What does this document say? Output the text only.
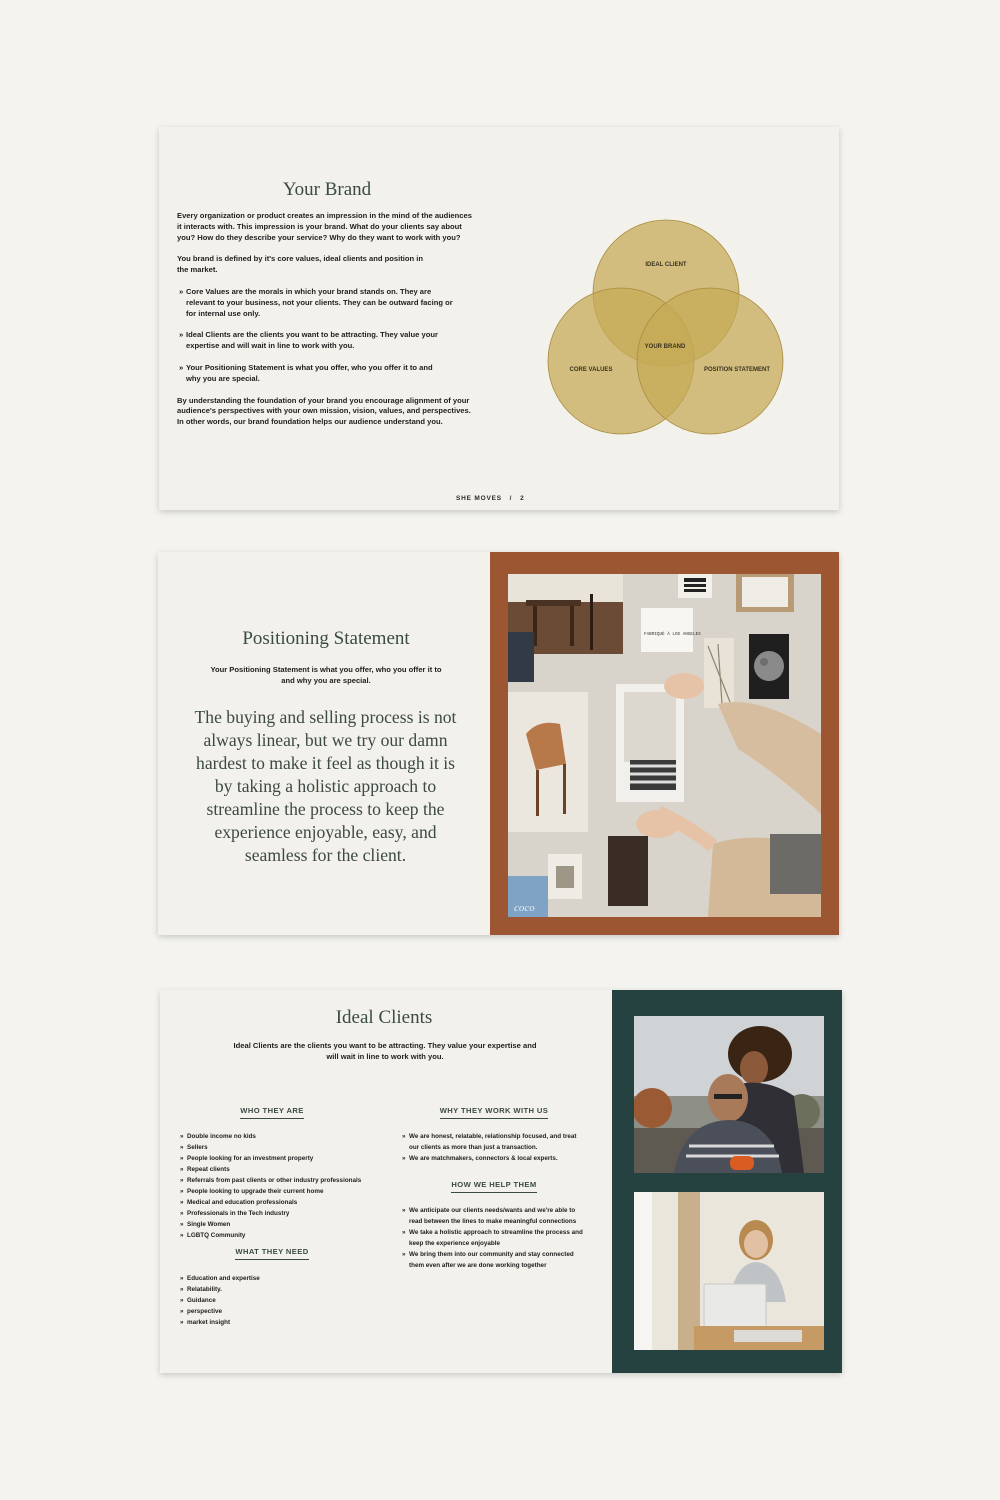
Your Brand

Every organization or product creates an impression in the mind of the audiences it interacts with. This impression is your brand. What do your clients say about you? How do they describe your service? Why do they want to work with you?

You brand is defined by it's core values, ideal clients and position in the market.

» Core Values are the morals in which your brand stands on. They are relevant to your business, not your clients. They can be outward facing or for internal use only.
» Ideal Clients are the clients you want to be attracting. They value your expertise and will wait in line to work with you.
» Your Positioning Statement is what you offer, who you offer it to and why you are special.

By understanding the foundation of your brand you encourage alignment of your audience's perspectives with your own mission, vision, values, and perspectives. In other words, our brand foundation helps our audience understand you.

IDEAL CLIENT
CORE VALUES	POSITION STATEMENT
YOUR BRAND
SHE MOVES   /   2
Positioning Statement
Your Positioning Statement is what you offer, who you offer it to and why you are special.
The buying and selling process is not always linear, but we try our damn hardest to make it feel as though it is by taking a holistic approach to streamline the process to keep the experience enjoyable, easy, and seamless for the client.
FABRIQUÉ À LOS ANGELES
coco
Ideal Clients
Ideal Clients are the clients you want to be attracting. They value your expertise and will wait in line to work with you.
WHO THEY ARE
» Double income no kids
» Sellers
» People looking for an investment property
» Repeat clients
» Referrals from past clients or other industry professionals
» People looking to upgrade their current home
» Medical and education professionals
» Professionals in the Tech industry
» Single Women
» LGBTQ Community
WHAT THEY NEED
» Education and expertise
» Relatability.
» Guidance
» perspective
» market insight
WHY THEY WORK WITH US
» We are honest, relatable, relationship focused, and treat our clients as more than just a transaction.
» We are matchmakers, connectors & local experts.
HOW WE HELP THEM
» We anticipate our clients needs/wants and we're able to read between the lines to make meaningful connections
» We take a holistic approach to streamline the process and keep the experience enjoyable
» We bring them into our community and stay connected them even after we are done working together
